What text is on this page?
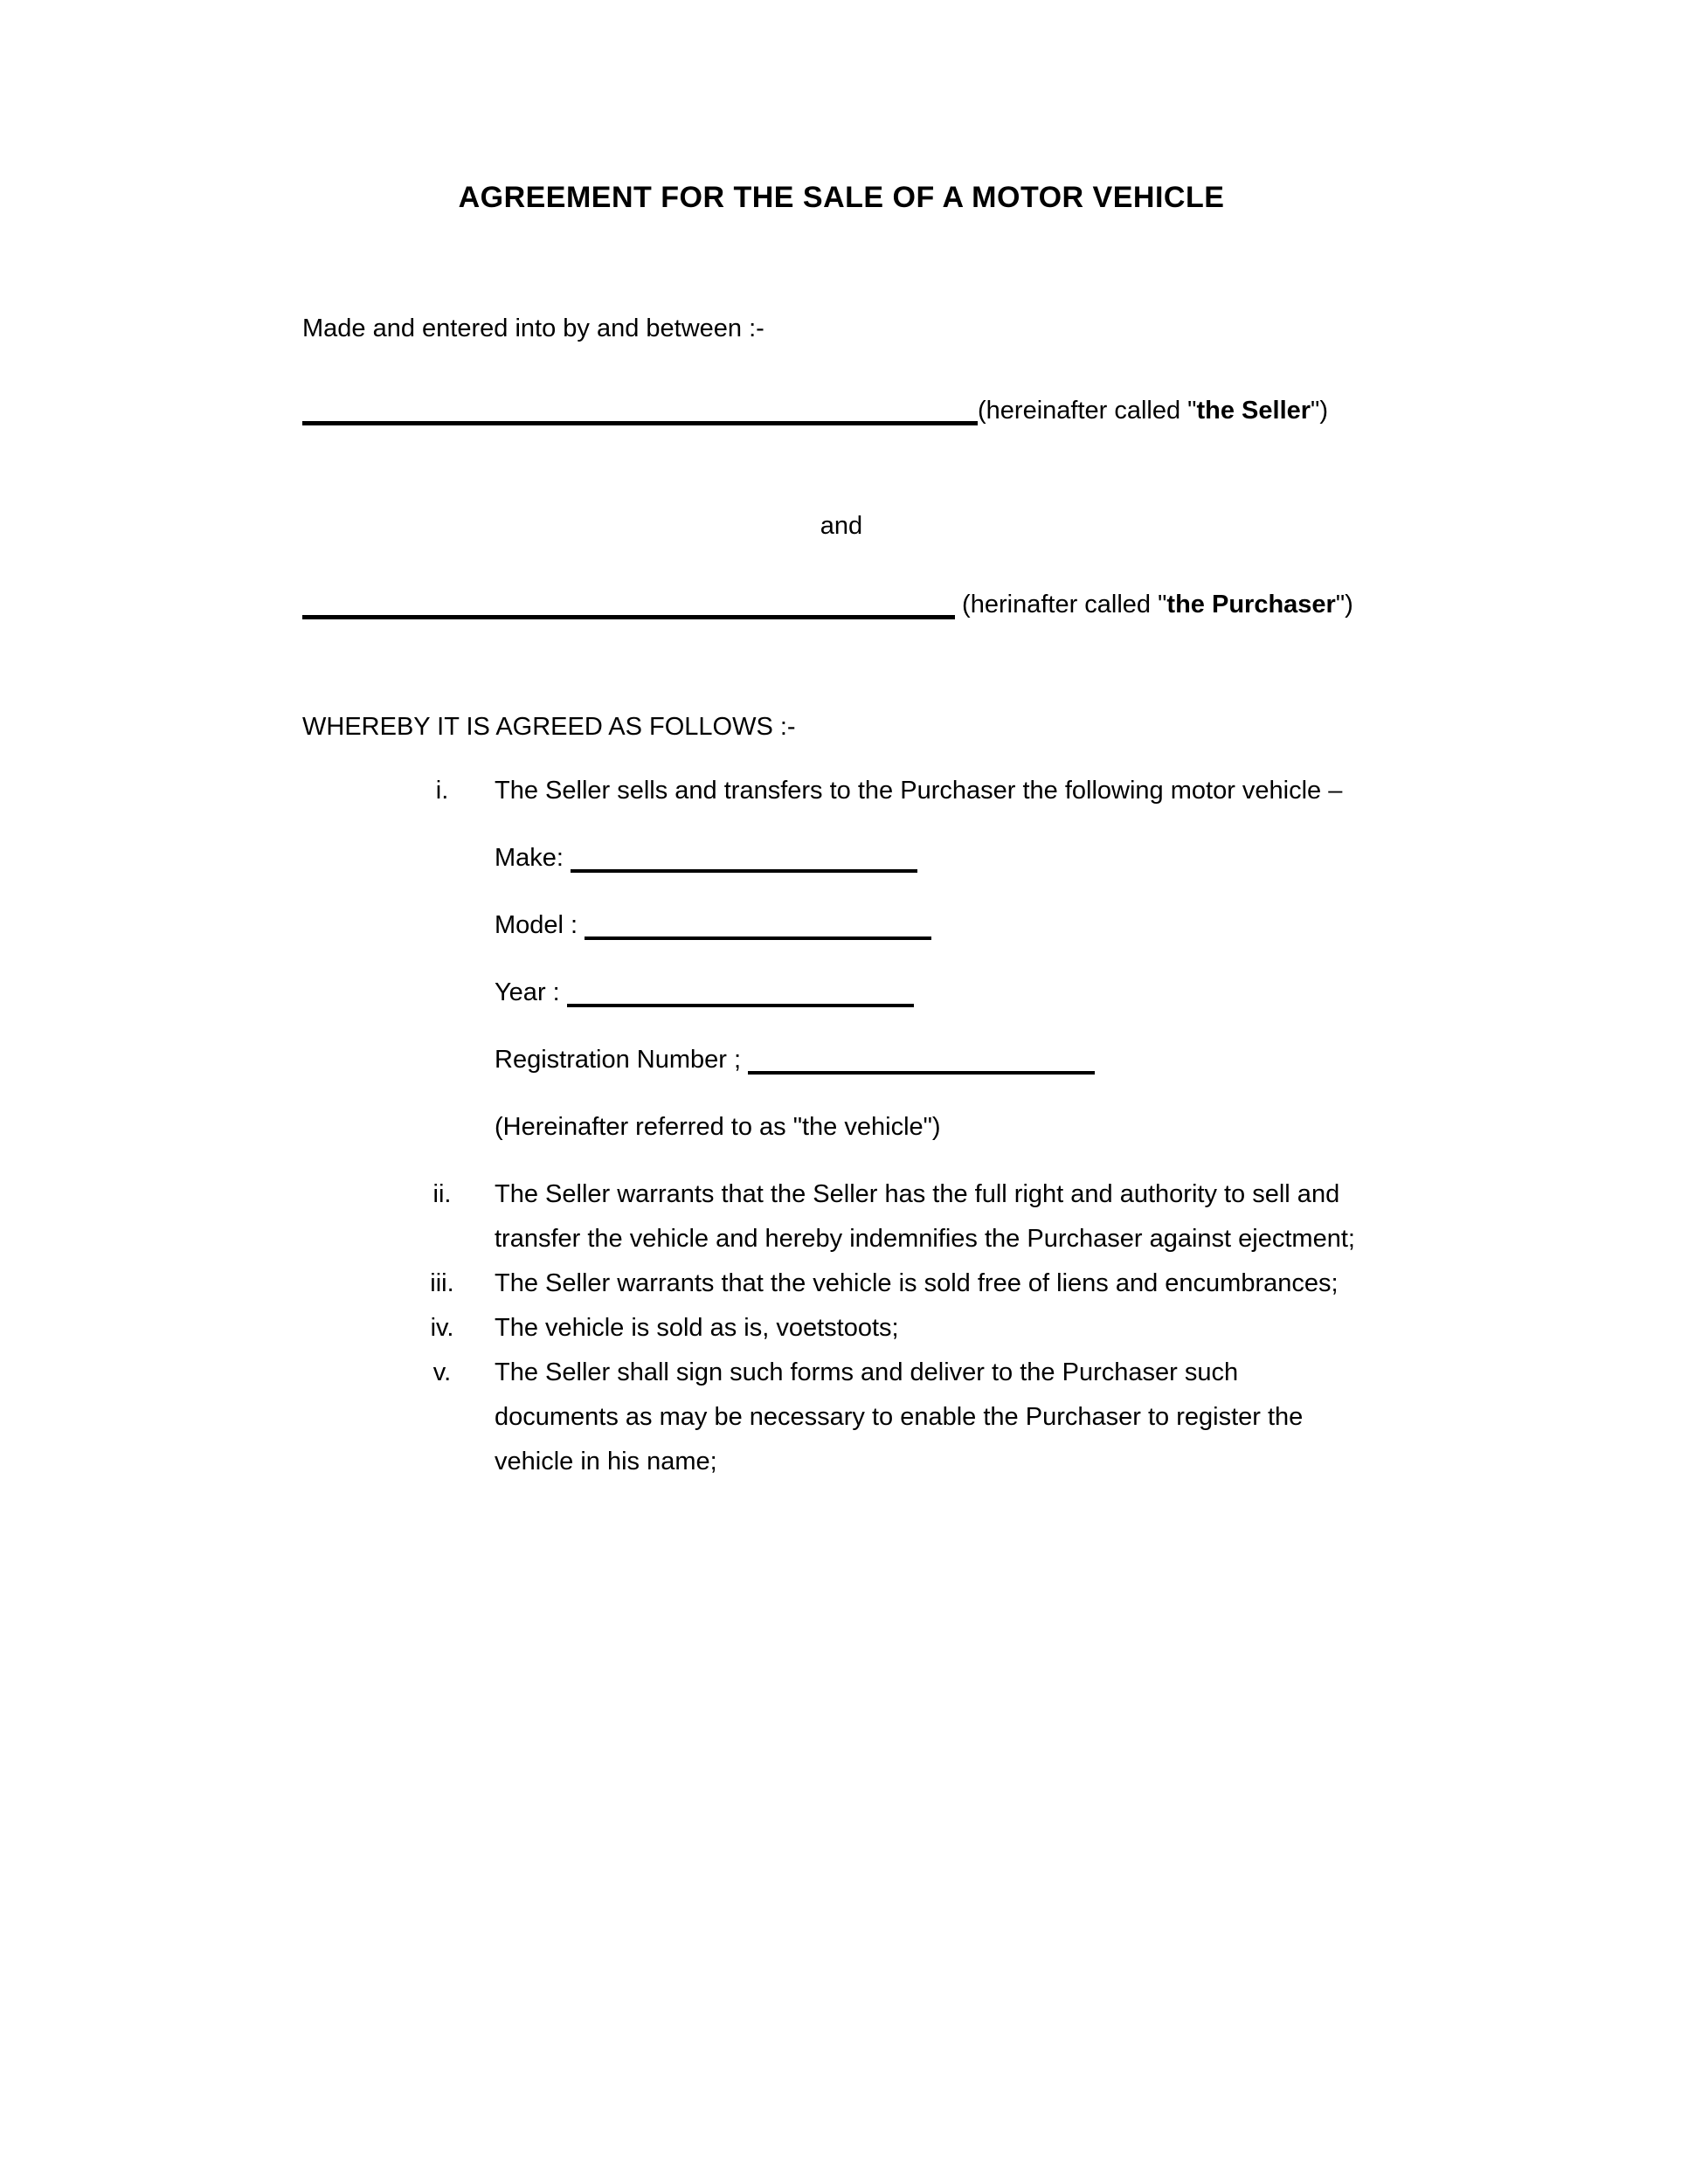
AGREEMENT FOR THE SALE OF A MOTOR VEHICLE
Made and entered into by and between :-
(hereinafter called "the Seller")
and
(herinafter called "the Purchaser")
WHEREBY IT IS AGREED AS FOLLOWS :-
i.	The Seller sells and transfers to the Purchaser the following motor vehicle –
Make:
Model :
Year :
Registration Number ;
(Hereinafter referred to as "the vehicle")
ii.	The Seller warrants that the Seller has the full right and authority to sell and
transfer the vehicle and hereby indemnifies the Purchaser against ejectment;
iii.	The Seller warrants that the vehicle is sold free of liens and encumbrances;
iv.	The vehicle is sold as is, voetstoots;
v.	The Seller shall sign such forms and deliver to the Purchaser such
documents as may be necessary to enable the Purchaser to register the
vehicle in his name;
